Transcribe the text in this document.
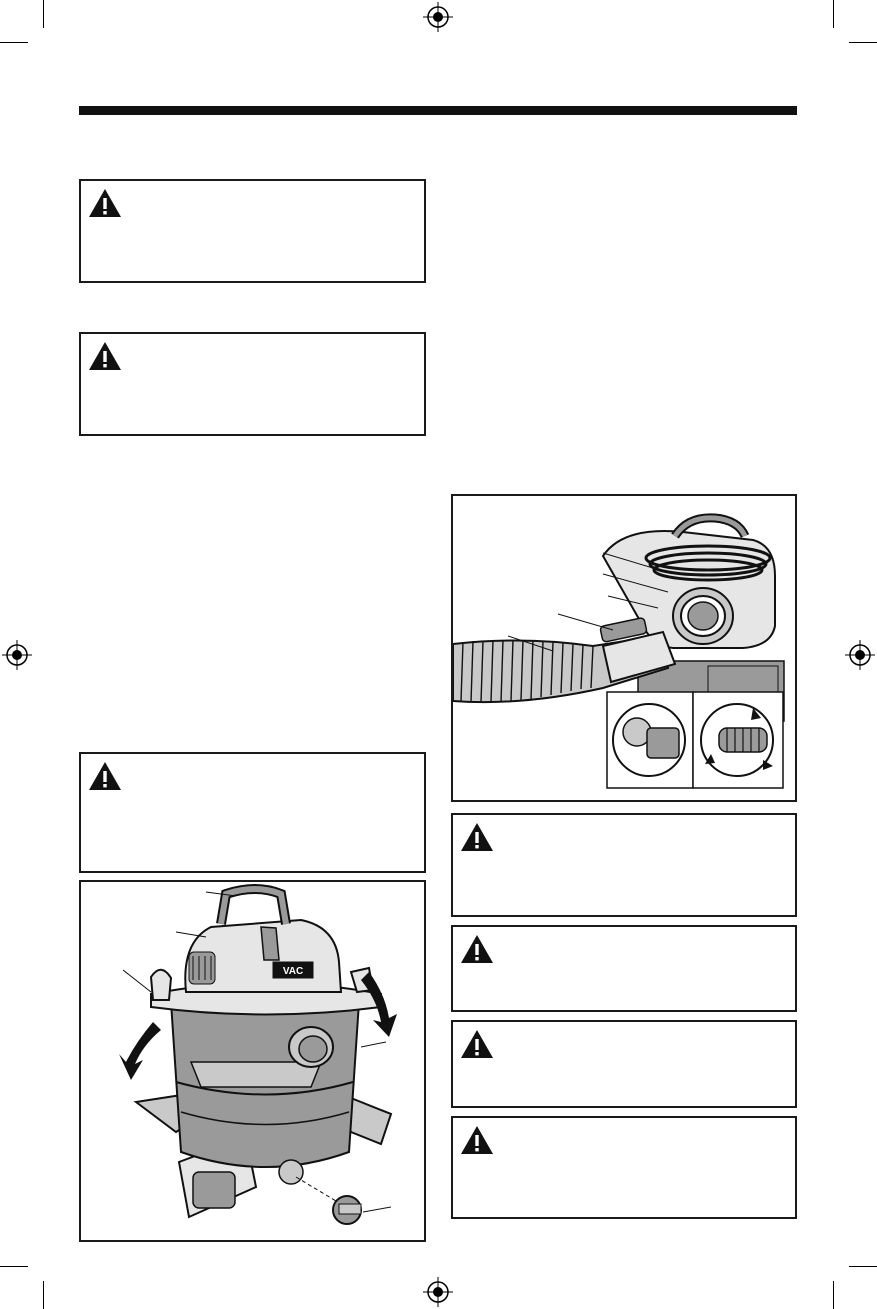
VAC
